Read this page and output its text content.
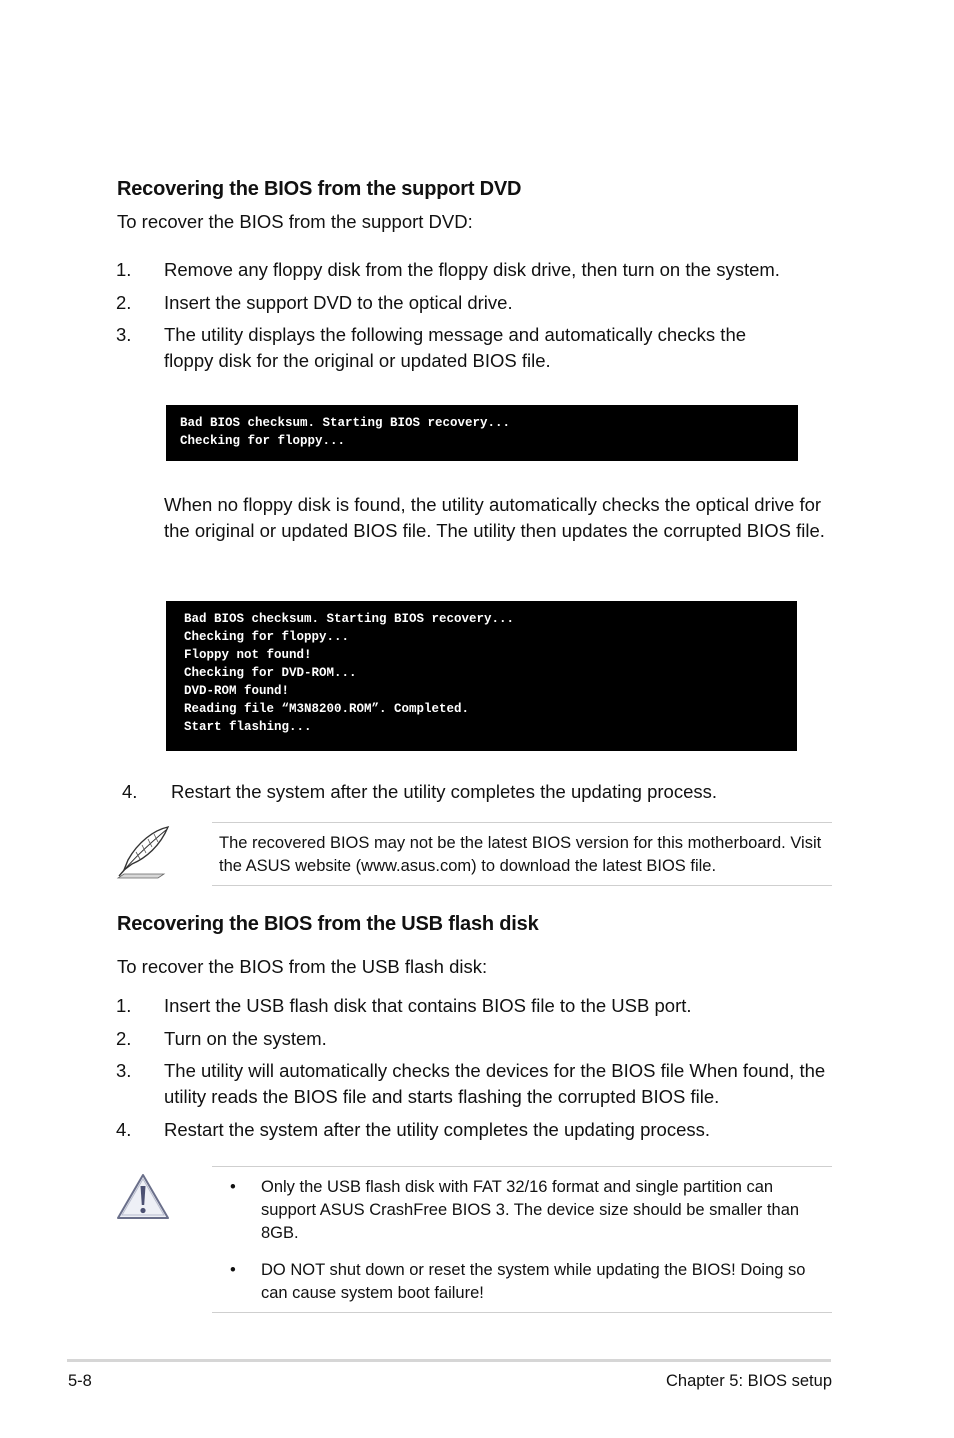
Recovering the BIOS from the support DVD
To recover the BIOS from the support DVD:
1. Remove any floppy disk from the floppy disk drive, then turn on the system.
2. Insert the support DVD to the optical drive.
3. The utility displays the following message and automatically checks the floppy disk for the original or updated BIOS file.
Bad BIOS checksum. Starting BIOS recovery...
Checking for floppy...
When no floppy disk is found, the utility automatically checks the optical drive for the original or updated BIOS file. The utility then updates the corrupted BIOS file.
Bad BIOS checksum. Starting BIOS recovery...
Checking for floppy...
Floppy not found!
Checking for DVD-ROM...
DVD-ROM found!
Reading file “M3N8200.ROM”. Completed.
Start flashing...
4. Restart the system after the utility completes the updating process.
The recovered BIOS may not be the latest BIOS version for this motherboard. Visit the ASUS website (www.asus.com) to download the latest BIOS file.
Recovering the BIOS from the USB flash disk
To recover the BIOS from the USB flash disk:
1. Insert the USB flash disk that contains BIOS file to the USB port.
2. Turn on the system.
3. The utility will automatically checks the devices for the BIOS file When found, the utility reads the BIOS file and starts flashing the corrupted BIOS file.
4. Restart the system after the utility completes the updating process.
• Only the USB flash disk with FAT 32/16 format and single partition can support ASUS CrashFree BIOS 3. The device size should be smaller than 8GB.
• DO NOT shut down or reset the system while updating the BIOS! Doing so can cause system boot failure!
5-8	Chapter 5: BIOS setup
